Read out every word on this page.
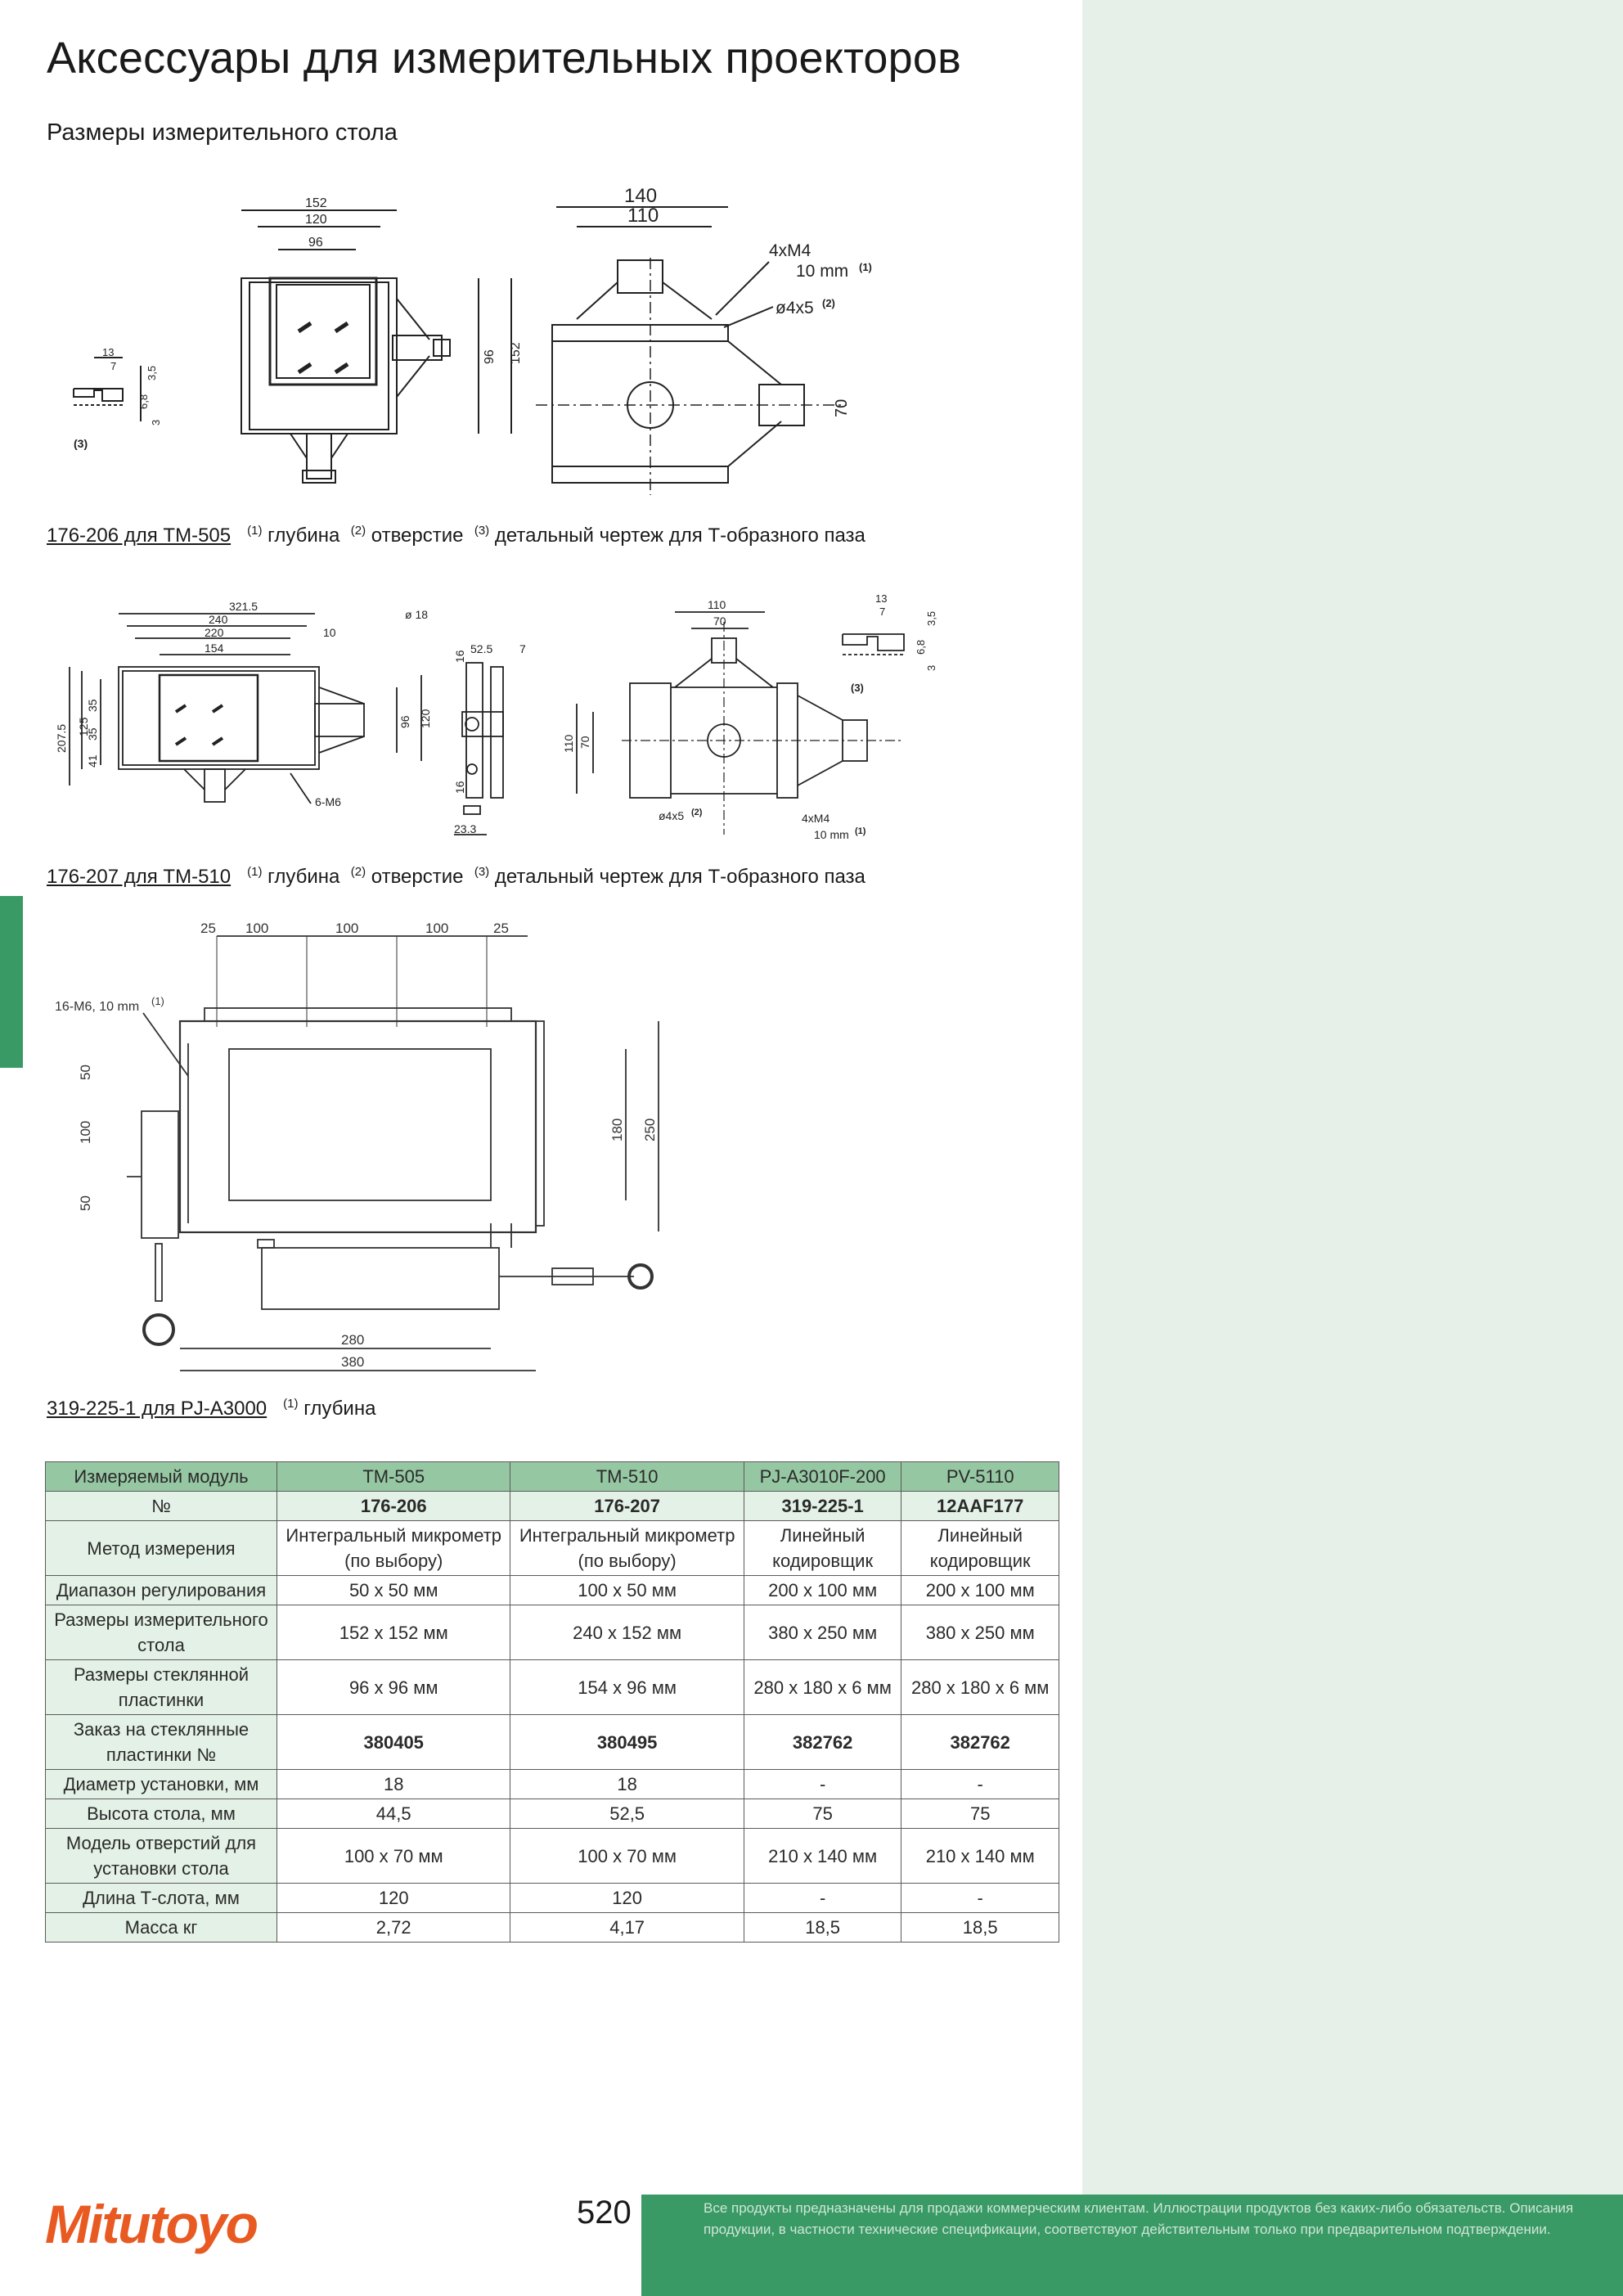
Аксессуары для измерительных проекторов
Размеры измерительного стола
13
7	3,5
6,8
3
(3)
152
120
96
96 152
140
110
70
4xM4
10 mm (1)
ø4x5 (2)
176-206 для ТМ-505 $^{(1)}$ глубина $^{(2)}$ отверстие $^{(3)}$ детальный чертеж для Т-образного паза
321.5
240
220
154
10
207.5 125
35
35
41
96 120
6-M6
ø 18
16
16
52.5 7
23.3
110
70
110 70
ø4x5 (2)	4xM4
10 mm (1)
13
7	3,5
6,8
3
(3)
176-207 для ТМ-510 $^{(1)}$ глубина $^{(2)}$ отверстие $^{(3)}$ детальный чертеж для Т-образного паза
25 100	100	100	25
16-M6, 10 mm (1)
50
100
50
180 250
280
380
319-225-1 для PJ-A3000 $^{(1)}$ глубина
Измеряемый модуль	TM-505	TM-510	PJ-A3010F-200	PV-5110
№	176-206	176-207	319-225-1	12AAF177
Метод измерения	Интегральный микрометр (по выбору)	Интегральный микрометр (по выбору)	Линейный кодировщик	Линейный кодировщик
Диапазон регулирования	50 x 50 мм	100 x 50 мм	200 x 100 мм	200 x 100 мм
Размеры измерительного стола	152 x 152 мм	240 x 152 мм	380 x 250 мм	380 x 250 мм
Размеры стеклянной пластинки	96 x 96 мм	154 x 96 мм	280 x 180 x 6 мм	280 x 180 x 6 мм
Заказ на стеклянные пластинки №	380405	380495	382762	382762
Диаметр установки, мм	18	18	-	-
Высота стола, мм	44,5	52,5	75	75
Модель отверстий для установки стола	100 x 70 мм	100 x 70 мм	210 x 140 мм	210 x 140 мм
Длина Т-слота, мм	120	120	-	-
Масса кг	2,72	4,17	18,5	18,5
Mitutoyo	520	Все продукты предназначены для продажи коммерческим клиентам. Иллюстрации продуктов без каких-либо обязательств. Описания продукции, в частности технические спецификации, соответствуют действительным только при предварительном подтверждении.
